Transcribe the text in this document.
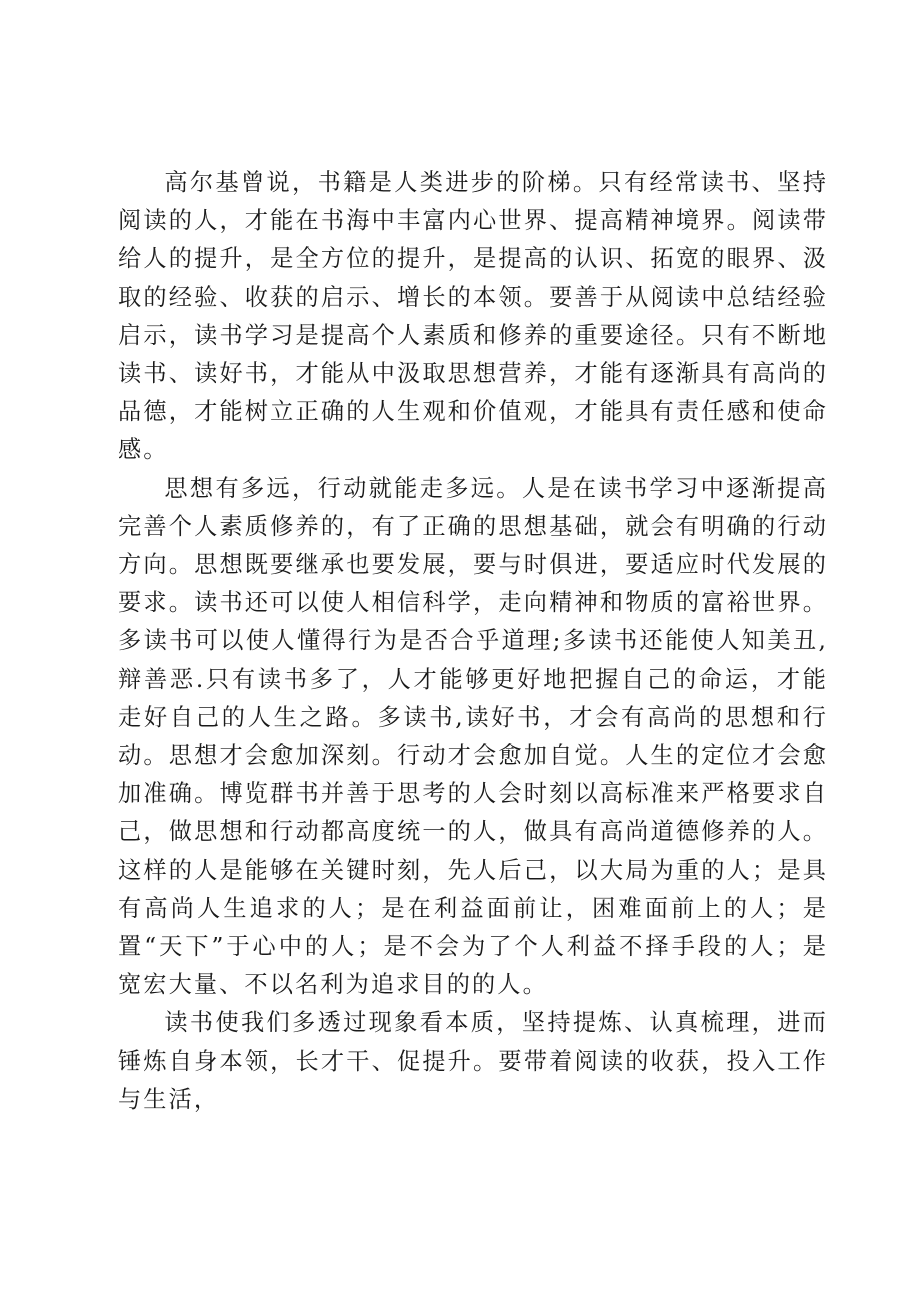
高尔基曾说，书籍是人类进步的阶梯。只有经常读书、坚持阅读的人，才能在书海中丰富内心世界、提高精神境界。阅读带给人的提升，是全方位的提升，是提高的认识、拓宽的眼界、汲取的经验、收获的启示、增长的本领。要善于从阅读中总结经验启示，读书学习是提高个人素质和修养的重要途径。只有不断地读书、读好书，才能从中汲取思想营养，才能有逐渐具有高尚的品德，才能树立正确的人生观和价值观，才能具有责任感和使命感。

思想有多远，行动就能走多远。人是在读书学习中逐渐提高完善个人素质修养的，有了正确的思想基础，就会有明确的行动方向。思想既要继承也要发展，要与时俱进，要适应时代发展的要求。读书还可以使人相信科学，走向精神和物质的富裕世界。多读书可以使人懂得行为是否合乎道理;多读书还能使人知美丑,辩善恶.只有读书多了，人才能够更好地把握自己的命运，才能走好自己的人生之路。多读书,读好书，才会有高尚的思想和行动。思想才会愈加深刻。行动才会愈加自觉。人生的定位才会愈加准确。博览群书并善于思考的人会时刻以高标准来严格要求自己，做思想和行动都高度统一的人，做具有高尚道德修养的人。这样的人是能够在关键时刻，先人后己，以大局为重的人；是具有高尚人生追求的人；是在利益面前让，困难面前上的人；是置“天下”于心中的人；是不会为了个人利益不择手段的人；是宽宏大量、不以名利为追求目的的人。

读书使我们多透过现象看本质，坚持提炼、认真梳理，进而锤炼自身本领，长才干、促提升。要带着阅读的收获，投入工作与生活，
